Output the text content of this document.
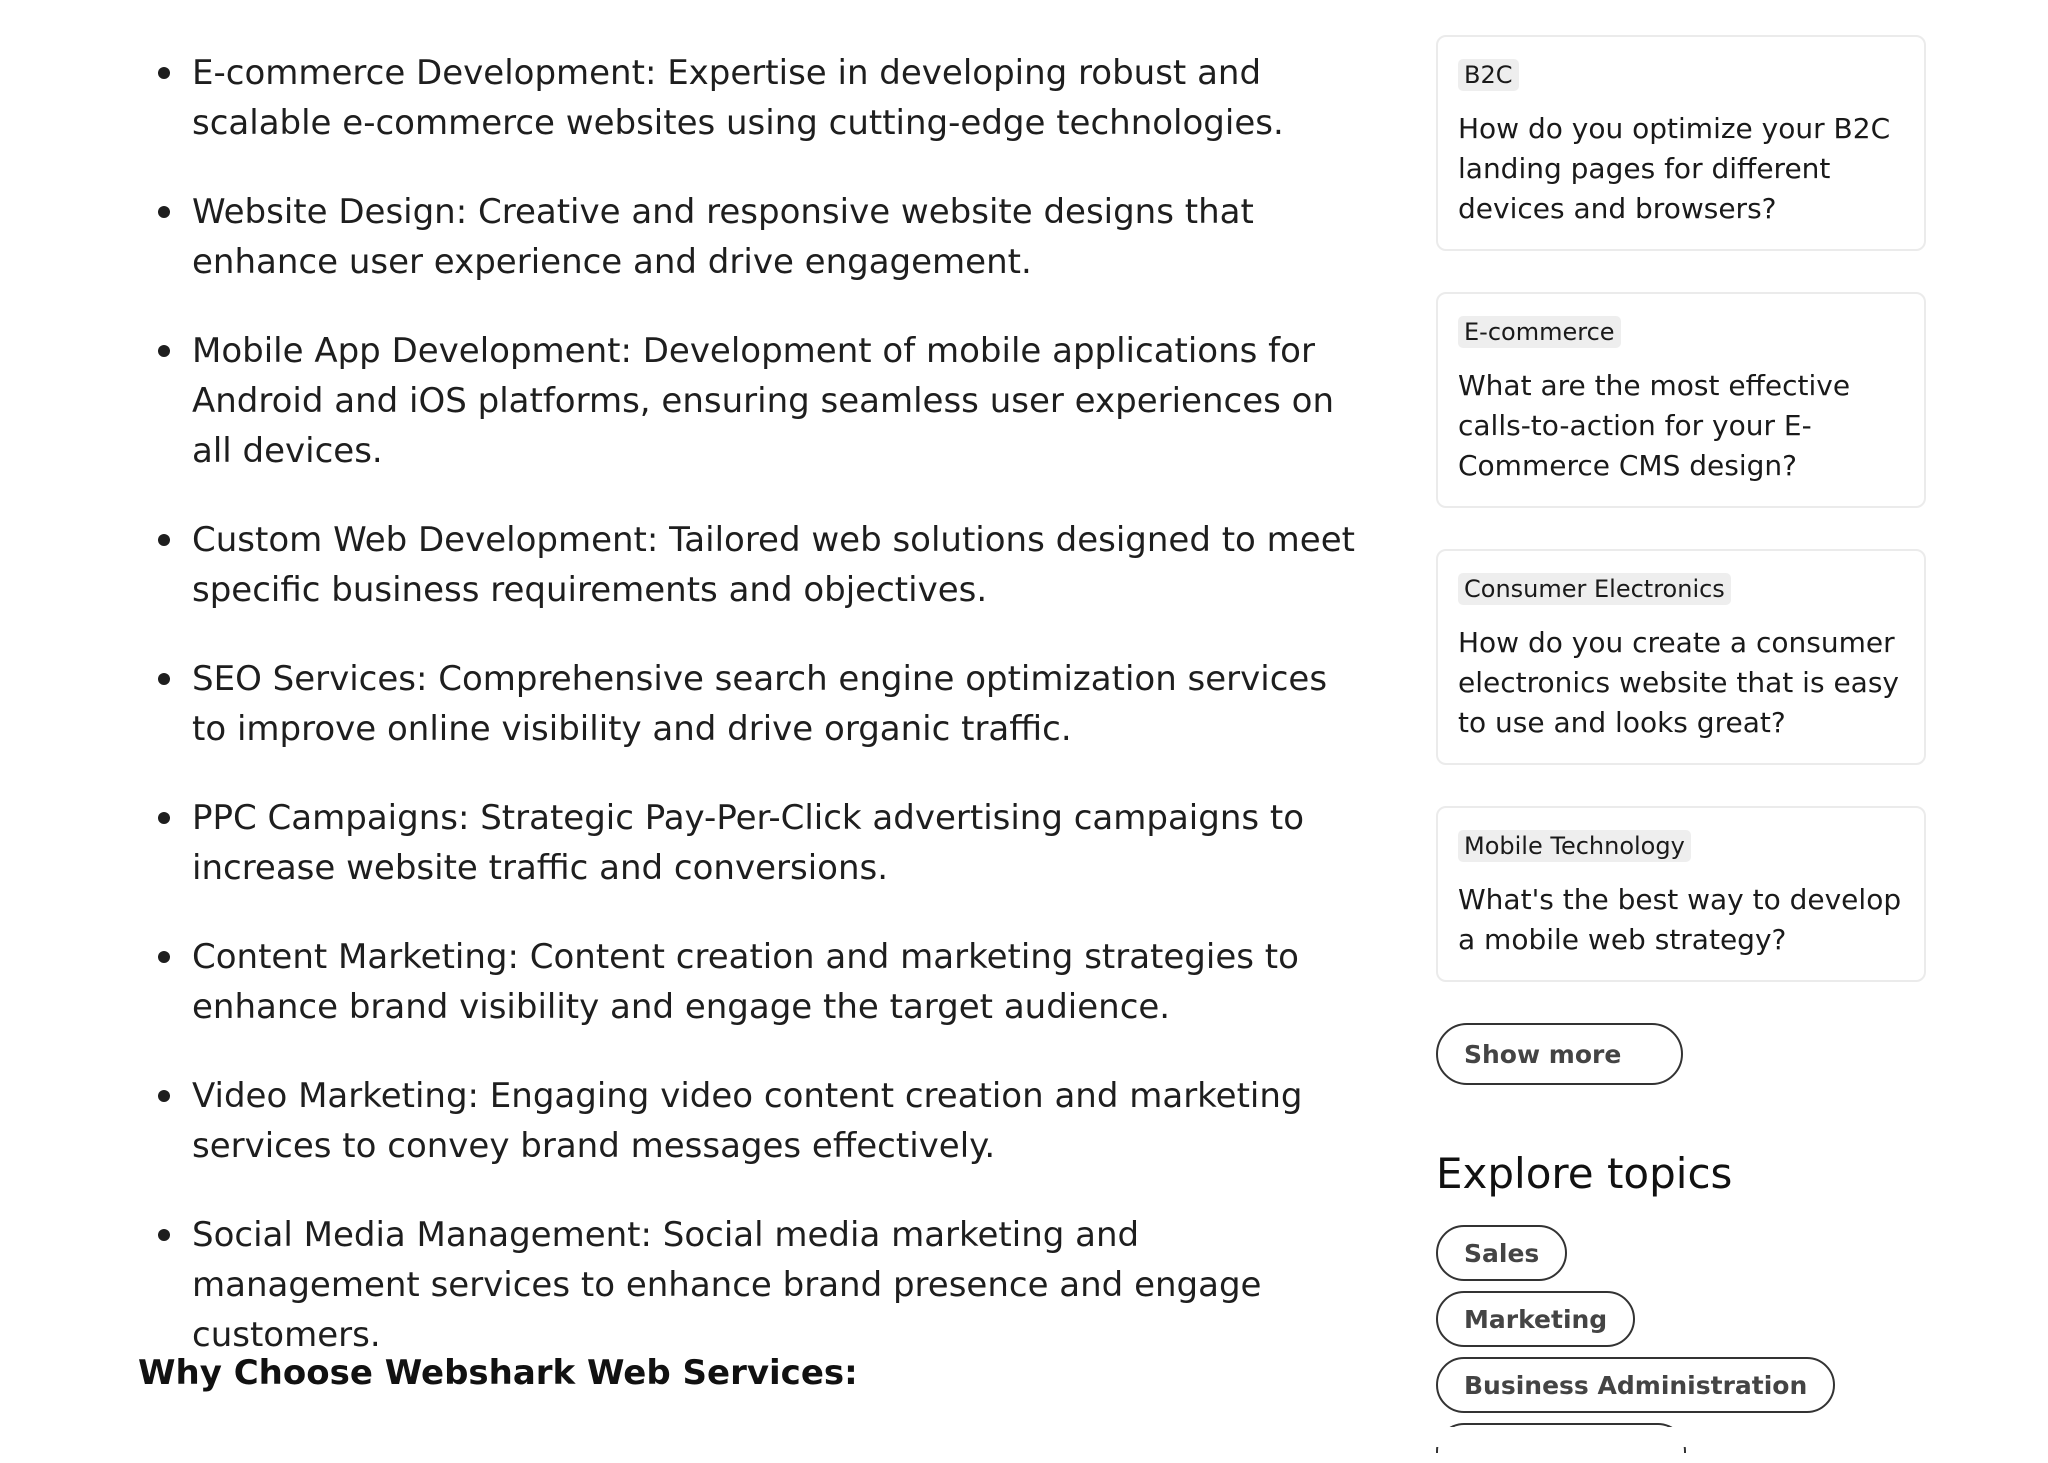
E-commerce Development: Expertise in developing robust and scalable e-commerce websites using cutting-edge technologies.
Website Design: Creative and responsive website designs that enhance user experience and drive engagement.
Mobile App Development: Development of mobile applications for Android and iOS platforms, ensuring seamless user experiences on all devices.
Custom Web Development: Tailored web solutions designed to meet specific business requirements and objectives.
SEO Services: Comprehensive search engine optimization services to improve online visibility and drive organic traffic.
PPC Campaigns: Strategic Pay-Per-Click advertising campaigns to increase website traffic and conversions.
Content Marketing: Content creation and marketing strategies to enhance brand visibility and engage the target audience.
Video Marketing: Engaging video content creation and marketing services to convey brand messages effectively.
Social Media Management: Social media marketing and management services to enhance brand presence and engage customers.
Why Choose Webshark Web Services:
B2C
How do you optimize your B2C landing pages for different devices and browsers?
E-commerce
What are the most effective calls-to-action for your E-Commerce CMS design?
Consumer Electronics
How do you create a consumer electronics website that is easy to use and looks great?
Mobile Technology
What's the best way to develop a mobile web strategy?
Show more
Explore topics
Sales
Marketing
Business Administration
